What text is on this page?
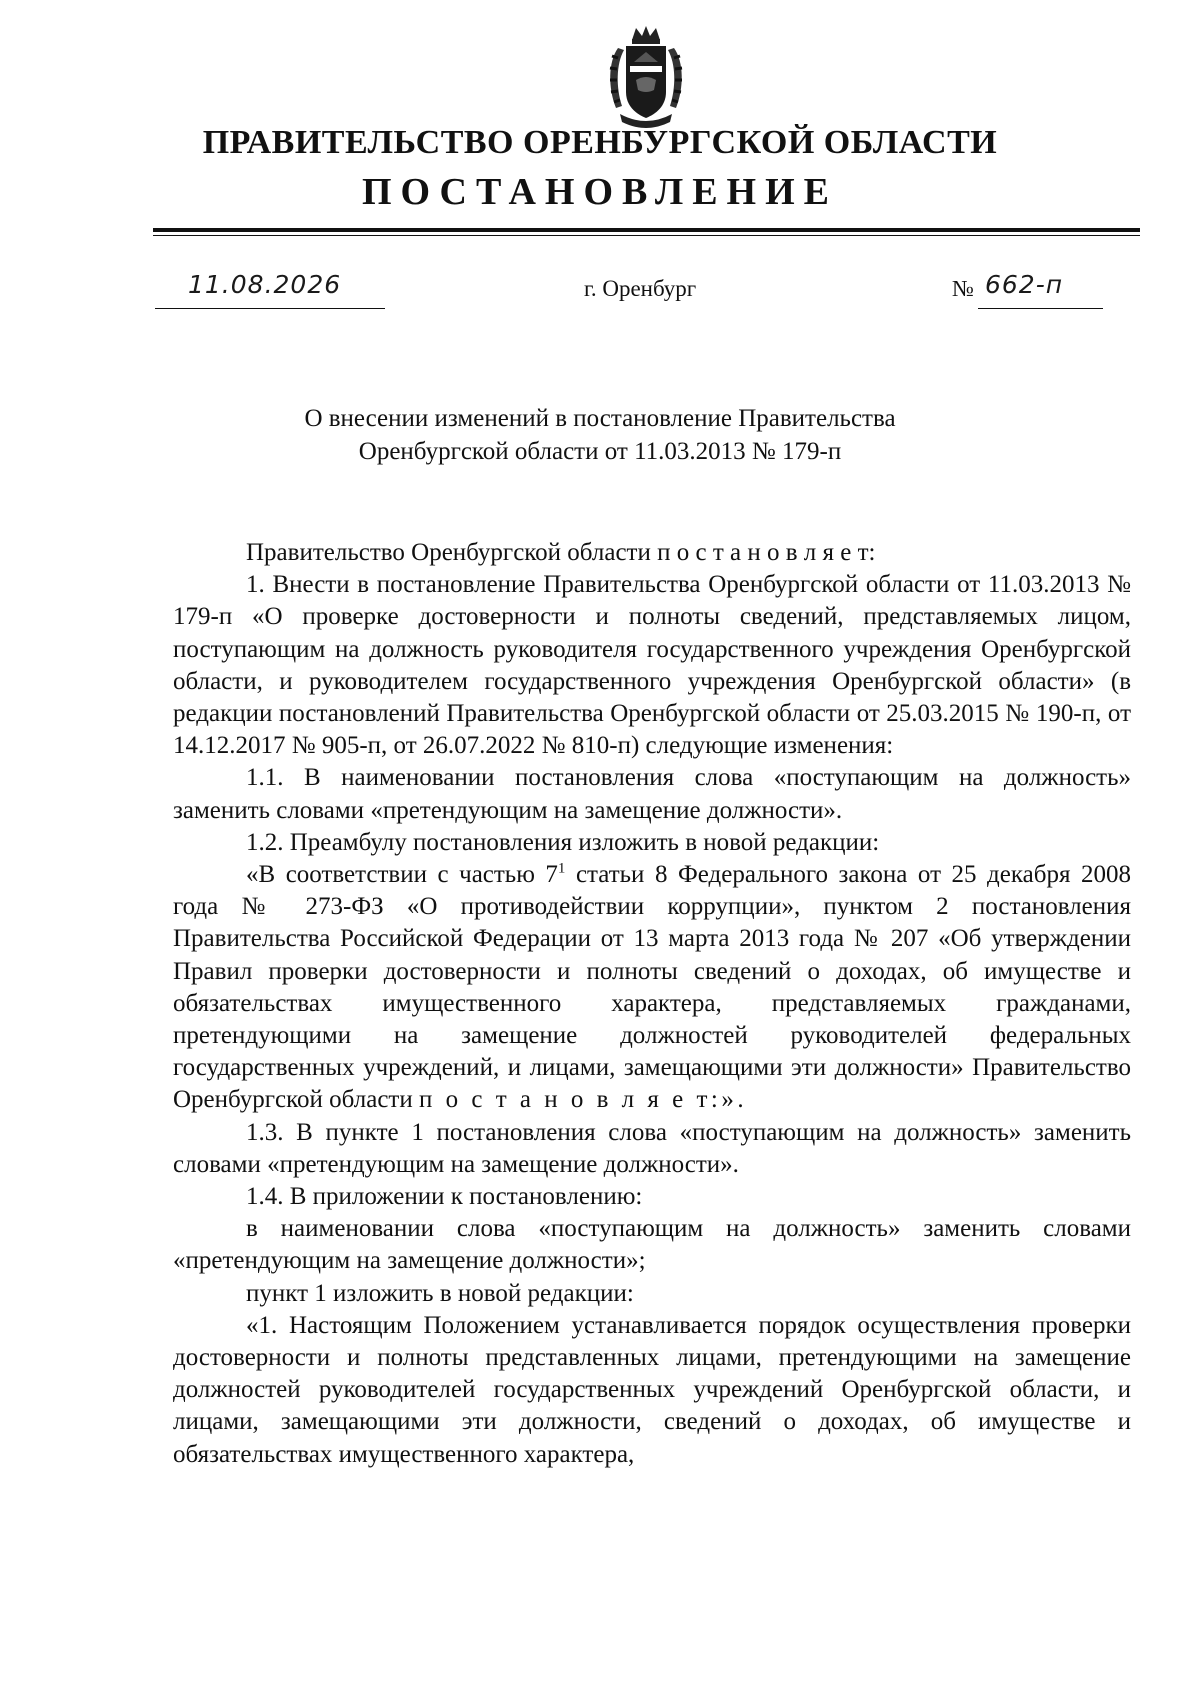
ПРАВИТЕЛЬСТВО ОРЕНБУРГСКОЙ ОБЛАСТИ
ПОСТАНОВЛЕНИЕ
11.08.2026	г. Оренбург	№ 662-п
О внесении изменений в постановление Правительства
Оренбургской области от 11.03.2013 № 179-п

Правительство Оренбургской области п о с т а н о в л я е т:

1. Внести в постановление Правительства Оренбургской области от 11.03.2013 № 179-п «О проверке достоверности и полноты сведений, представляемых лицом, поступающим на должность руководителя государственного учреждения Оренбургской области, и руководителем государственного учреждения Оренбургской области» (в редакции постановлений Правительства Оренбургской области от 25.03.2015 № 190-п, от 14.12.2017 № 905-п, от 26.07.2022 № 810-п) следующие изменения:

1.1. В наименовании постановления слова «поступающим на должность» заменить словами «претендующим на замещение должности».

1.2. Преамбулу постановления изложить в новой редакции:

«В соответствии с частью $7^1$ статьи 8 Федерального закона от 25 декабря 2008 года № 273-ФЗ «О противодействии коррупции», пунктом 2 постановления Правительства Российской Федерации от 13 марта 2013 года № 207 «Об утверждении Правил проверки достоверности и полноты сведений о доходах, об имуществе и обязательствах имущественного характера, представляемых гражданами, претендующими на замещение должностей руководителей федеральных государственных учреждений, и лицами, замещающими эти должности» Правительство Оренбургской области п о с т а н о в л я е т:».

1.3. В пункте 1 постановления слова «поступающим на должность» заменить словами «претендующим на замещение должности».

1.4. В приложении к постановлению:

в наименовании слова «поступающим на должность» заменить словами «претендующим на замещение должности»;

пункт 1 изложить в новой редакции:

«1. Настоящим Положением устанавливается порядок осуществления проверки достоверности и полноты представленных лицами, претендующими на замещение должностей руководителей государственных учреждений Оренбургской области, и лицами, замещающими эти должности, сведений о доходах, об имуществе и обязательствах имущественного характера,
